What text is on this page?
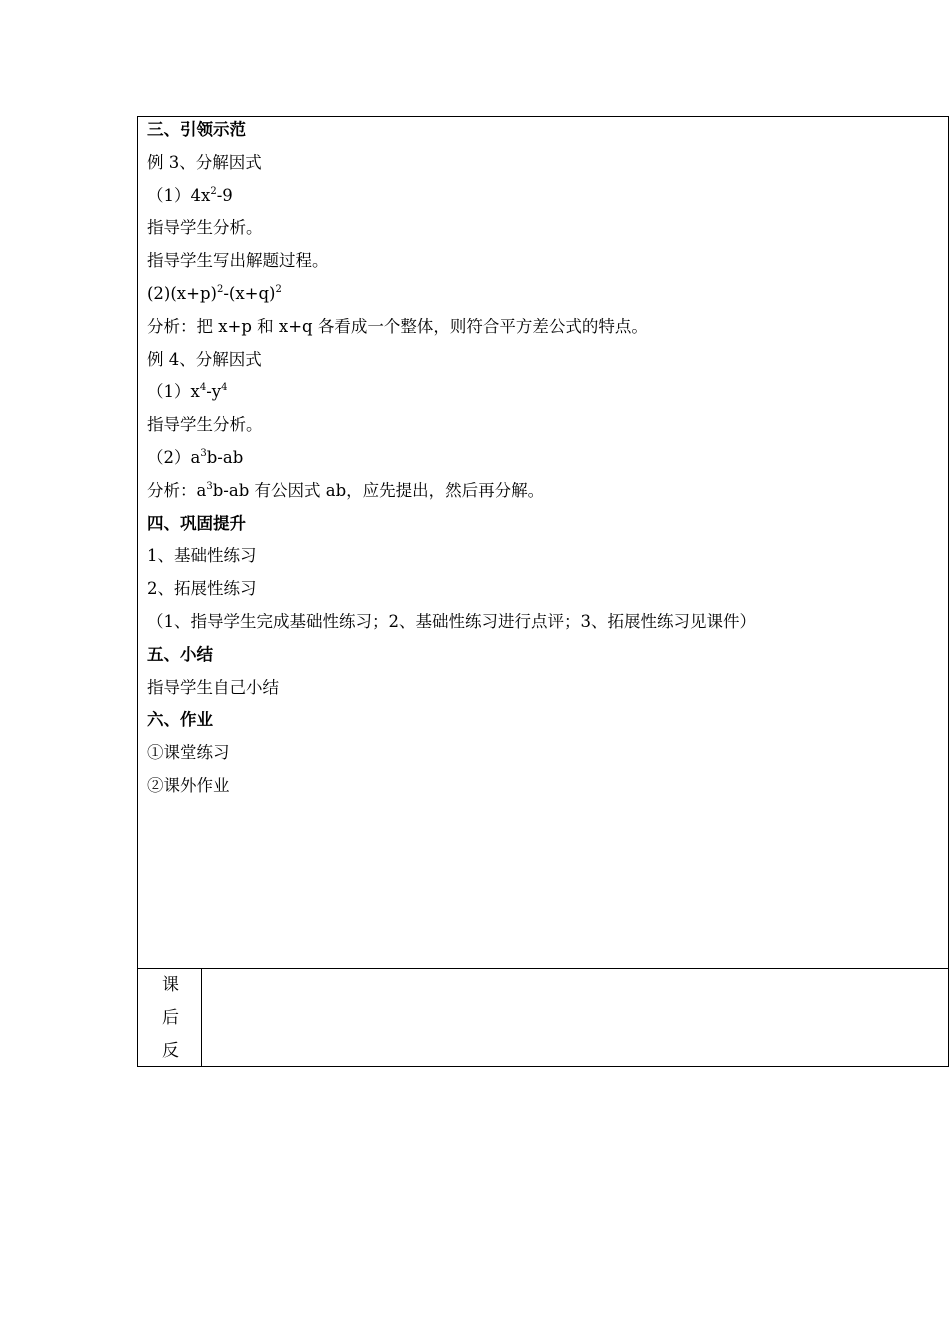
三、引领示范
例 3、分解因式
$(1)4x^2-9$
指导学生分析。
指导学生写出解题过程。
$(2)(x+p)^2-(x+q)^2$
分析：把 x+p 和 x+q 各看成一个整体，则符合平方差公式的特点。
例 4、分解因式
$(1)x^4-y^4$
指导学生分析。
$(2)a^3b-ab$
分析：$a^3b-ab$ 有公因式 ab，应先提出，然后再分解。
四、巩固提升
1、基础性练习
2、拓展性练习
（1、指导学生完成基础性练习；2、基础性练习进行点评；3、拓展性练习见课件）
五、小结
指导学生自己小结
六、作业
①课堂练习
②课外作业
课
后
反
